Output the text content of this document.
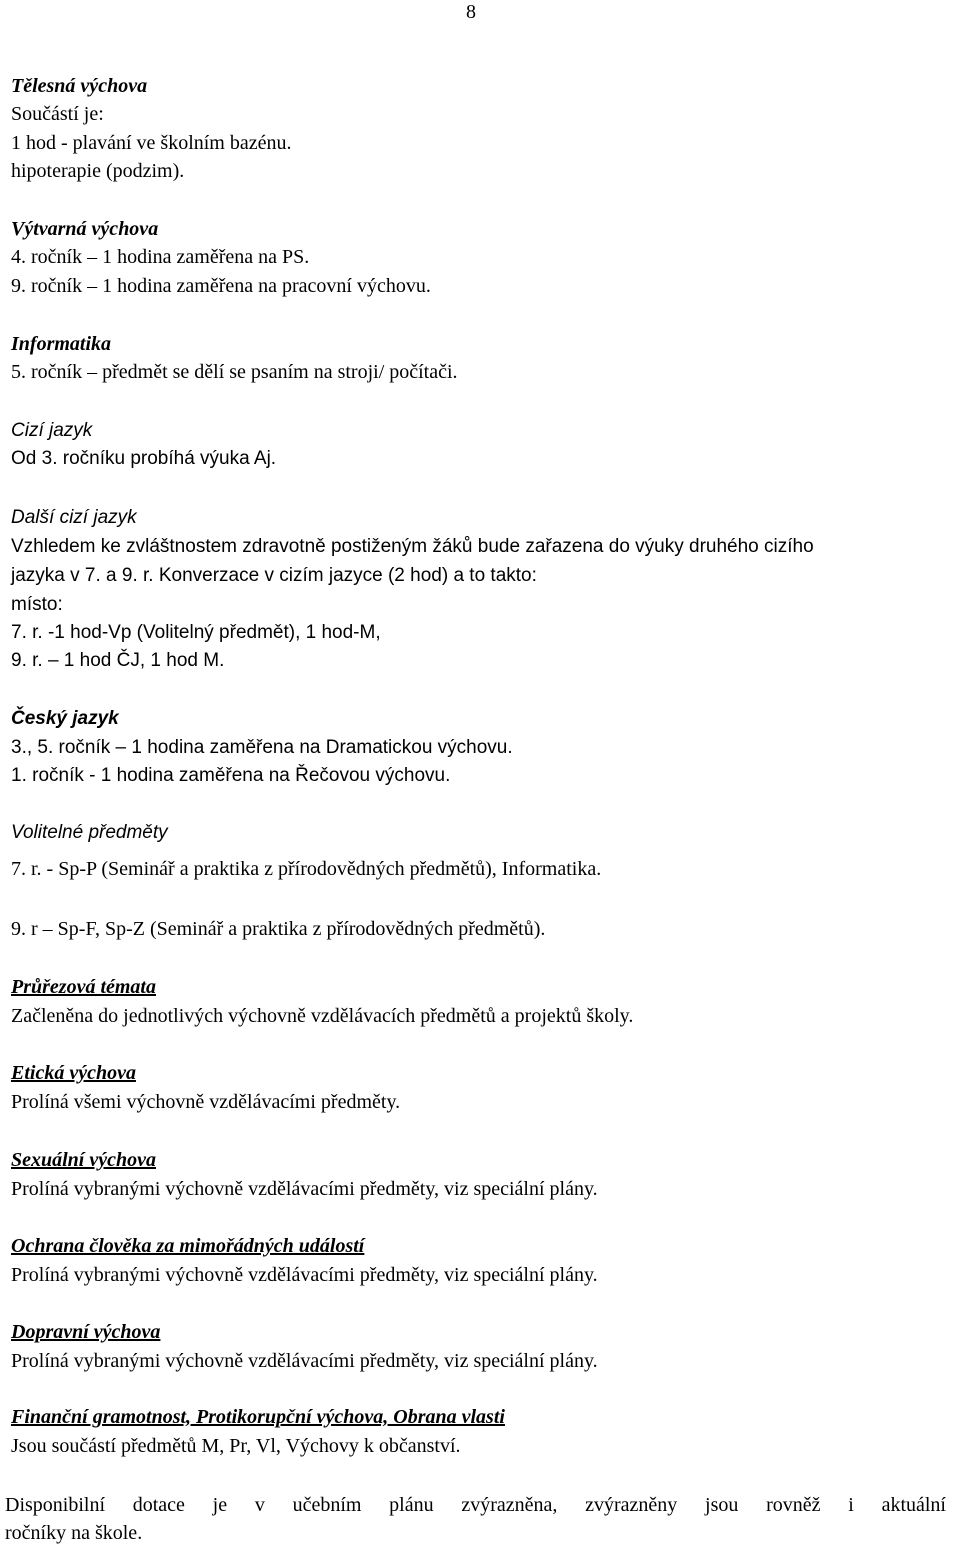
8
Tělesná výchova
Součástí je:
1 hod - plavání ve školním bazénu.
hipoterapie (podzim).
Výtvarná výchova
4. ročník – 1 hodina zaměřena na PS.
9. ročník – 1 hodina zaměřena na pracovní výchovu.
Informatika
5. ročník – předmět se dělí se psaním na stroji/ počítači.
Cizí jazyk
Od 3. ročníku probíhá výuka Aj.
Další cizí jazyk
Vzhledem ke zvláštnostem zdravotně postiženým žáků bude zařazena do výuky druhého cizího
jazyka v 7. a 9. r. Konverzace v cizím jazyce (2 hod) a to takto:
místo:
7. r. -1 hod-Vp (Volitelný předmět), 1 hod-M,
9. r. – 1 hod ČJ, 1 hod M.
Český jazyk
3., 5. ročník – 1 hodina zaměřena na Dramatickou výchovu.
1. ročník - 1 hodina zaměřena na Řečovou výchovu.
Volitelné předměty
7. r. - Sp-P (Seminář a praktika z přírodovědných předmětů), Informatika.
9. r – Sp-F, Sp-Z (Seminář a praktika z přírodovědných předmětů).
Průřezová témata
Začleněna do jednotlivých výchovně vzdělávacích předmětů a projektů školy.
Etická výchova
Prolíná všemi výchovně vzdělávacími předměty.
Sexuální výchova
Prolíná vybranými výchovně vzdělávacími předměty, viz speciální plány.
Ochrana člověka za mimořádných událostí
Prolíná vybranými výchovně vzdělávacími předměty, viz speciální plány.
Dopravní výchova
Prolíná vybranými výchovně vzdělávacími předměty, viz speciální plány.
Finanční gramotnost, Protikorupční výchova, Obrana vlasti
Jsou součástí předmětů M, Pr, Vl, Výchovy k občanství.
Disponibilní dotace je v učebním plánu zvýrazněna, zvýrazněny jsou rovněž i aktuální
ročníky na škole.
